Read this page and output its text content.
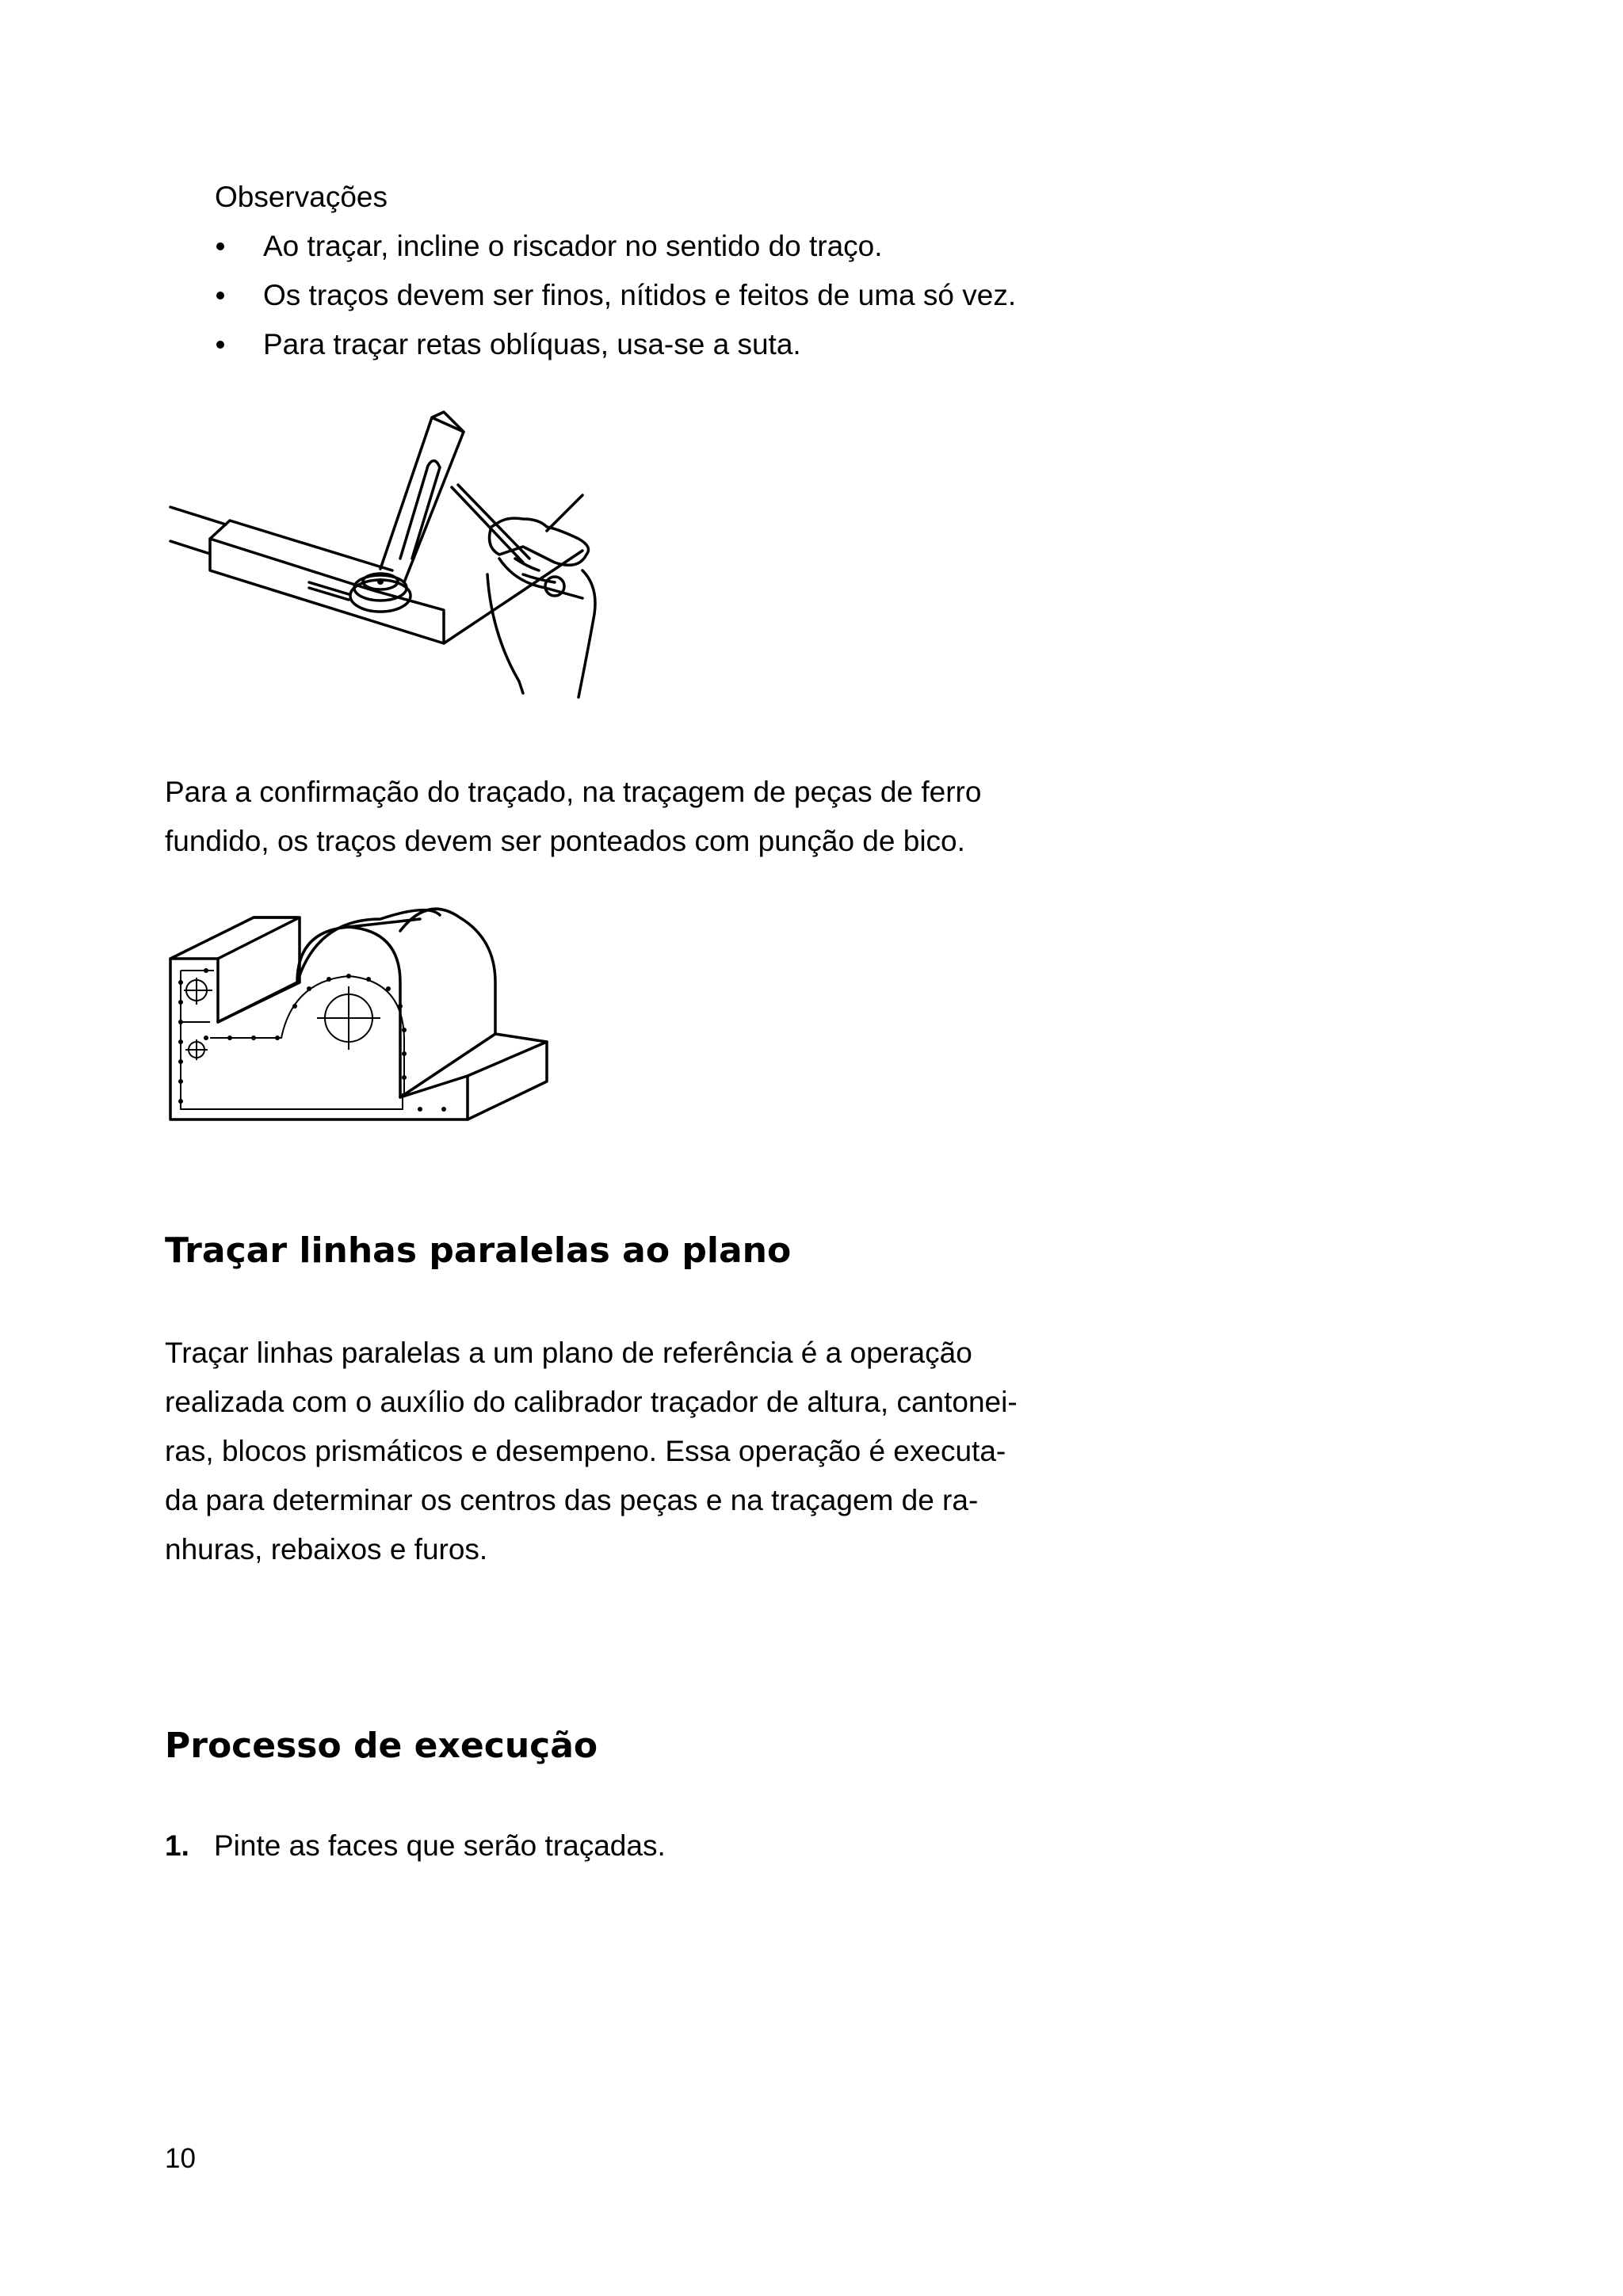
Observações
Ao traçar, incline o riscador no sentido do traço.
Os traços devem ser finos, nítidos e feitos de uma só vez.
Para traçar retas oblíquas, usa-se a suta.

Para a confirmação do traçado, na traçagem de peças de ferro

fundido, os traços devem ser ponteados com punção de bico.

Traçar linhas paralelas ao plano

Traçar linhas paralelas a um plano de referência é a operação

realizada com o auxílio do calibrador traçador de altura, cantonei-

ras, blocos prismáticos e desempeno. Essa operação é executa-

da para determinar os centros das peças e na traçagem de ra-

nhuras, rebaixos e furos.

Processo de execução
1. Pinte as faces que serão traçadas.
10
